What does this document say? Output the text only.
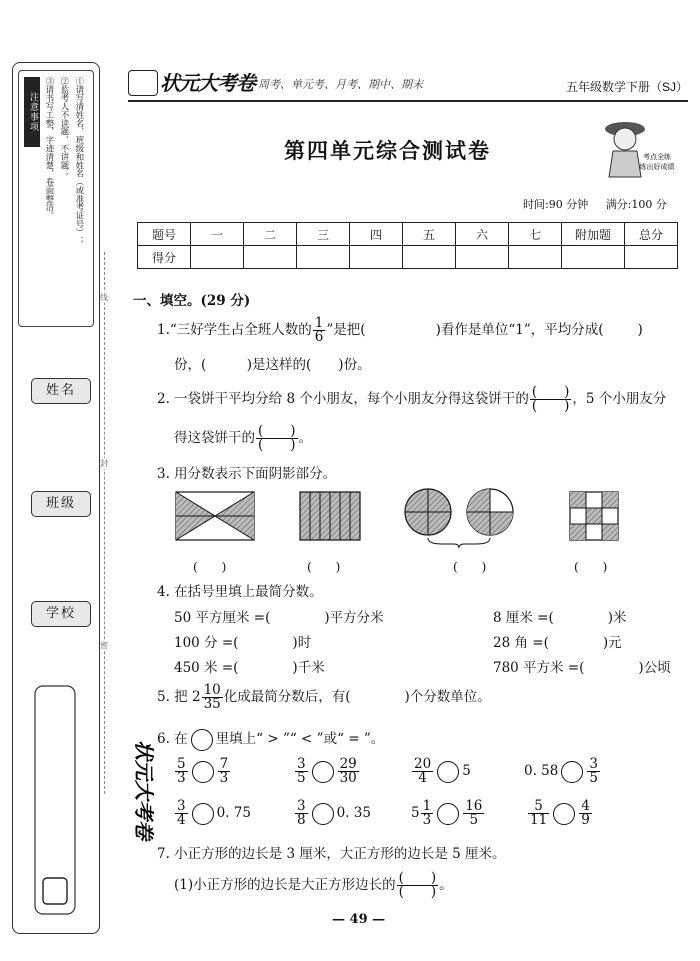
注意事项	①请写清姓名、班级和姓名（或准考证号）；
②监考人不读题、不讲题；
③请书写工整，字迹清楚，卷面整洁。
姓名
班级
学校
线
封
密
状元大考卷
状元大考卷 周考、单元考、月考、期中、期末	五年级数学下册（SJ）
第四单元综合测试卷	考点全练
练出好成绩
时间:90 分钟 满分:100 分
题号	一	二	三	四	五	六	七	附加题	总分
得分									
一、填空。(29 分)
1.“三好学生占全班人数的 $\frac{1}{6}$ ”是把(	)看作是单位“1”，平均分成(	)
份，(　　　)是这样的(　　)份。
2. 一袋饼干平均分给 8 个小朋友，每个小朋友分得这袋饼干的 $\frac{( )}{( )}$ ，5 个小朋友分
得这袋饼干的 $\frac{( )}{( )}$ 。
3. 用分数表示下面阴影部分。
(　　)	(　　)	(　　)	(　　)
4. 在括号里填上最简分数。
50 平方厘米 =(　　　　)平方分米	8 厘米 =(　　　　)米
100 分 =(　　　　)时	28 角 =(　　　　)元
450 米 =(　　　　)千米	780 平方米 =(　　　　)公顷
5. 把 $2 \frac{10}{35}$ 化成最简分数后，有(　　　　)个分数单位。
6. 在 里填上“ > ”“ < ”或“ = ”。
$\frac{5}{3} \frac{7}{3}$	$\frac{3}{5} \frac{29}{30}$	$\frac{20}{4} 5$	0. $58 \frac{3}{5}$
$\frac{3}{4} 0$. 75	$\frac{3}{8} 0$. 35	$5 \frac{1}{3} \frac{16}{5}$	$\frac{5}{11} \frac{4}{9}$
7. 小正方形的边长是 3 厘米，大正方形的边长是 5 厘米。
(1)小正方形的边长是大正方形边长的 $\frac{( )}{( )}$ 。
— 49 —
